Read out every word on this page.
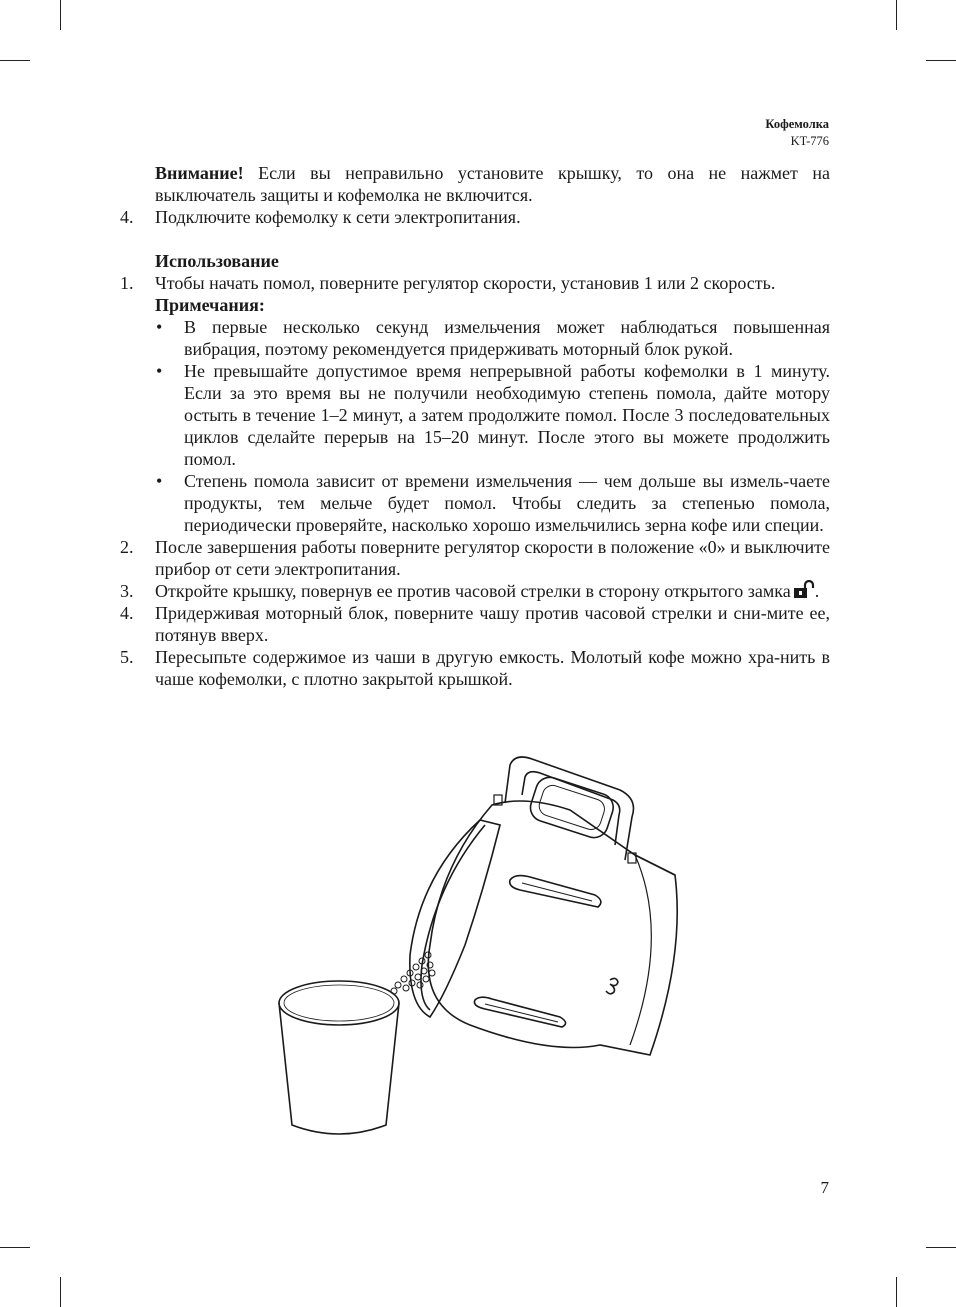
Кофемолка
KT-776
Внимание! Если вы неправильно установите крышку, то она не нажмет на выключатель защиты и кофемолка не включится.
4.	Подключите кофемолку к сети электропитания.
Использование
1.	Чтобы начать помол, поверните регулятор скорости, установив 1 или 2 скорость.
Примечания:
•	В первые несколько секунд измельчения может наблюдаться повышенная вибрация, поэтому рекомендуется придерживать моторный блок рукой.
•	Не превышайте допустимое время непрерывной работы кофемолки в 1 минуту. Если за это время вы не получили необходимую степень помола, дайте мотору остыть в течение 1–2 минут, а затем продолжите помол. После 3 последовательных циклов сделайте перерыв на 15–20 минут. После этого вы можете продолжить помол.
•	Степень помола зависит от времени измельчения — чем дольше вы измель-чаете продукты, тем мельче будет помол. Чтобы следить за степенью помола, периодически проверяйте, насколько хорошо измельчились зерна кофе или специи.
2.	После завершения работы поверните регулятор скорости в положение «0» и выключите прибор от сети электропитания.
3.	Откройте крышку, повернув ее против часовой стрелки в сторону открытого замка .
4.	Придерживая моторный блок, поверните чашу против часовой стрелки и сни-мите ее, потянув вверх.
5.	Пересыпьте содержимое из чаши в другую емкость. Молотый кофе можно хра-нить в чаше кофемолки, с плотно закрытой крышкой.
7
